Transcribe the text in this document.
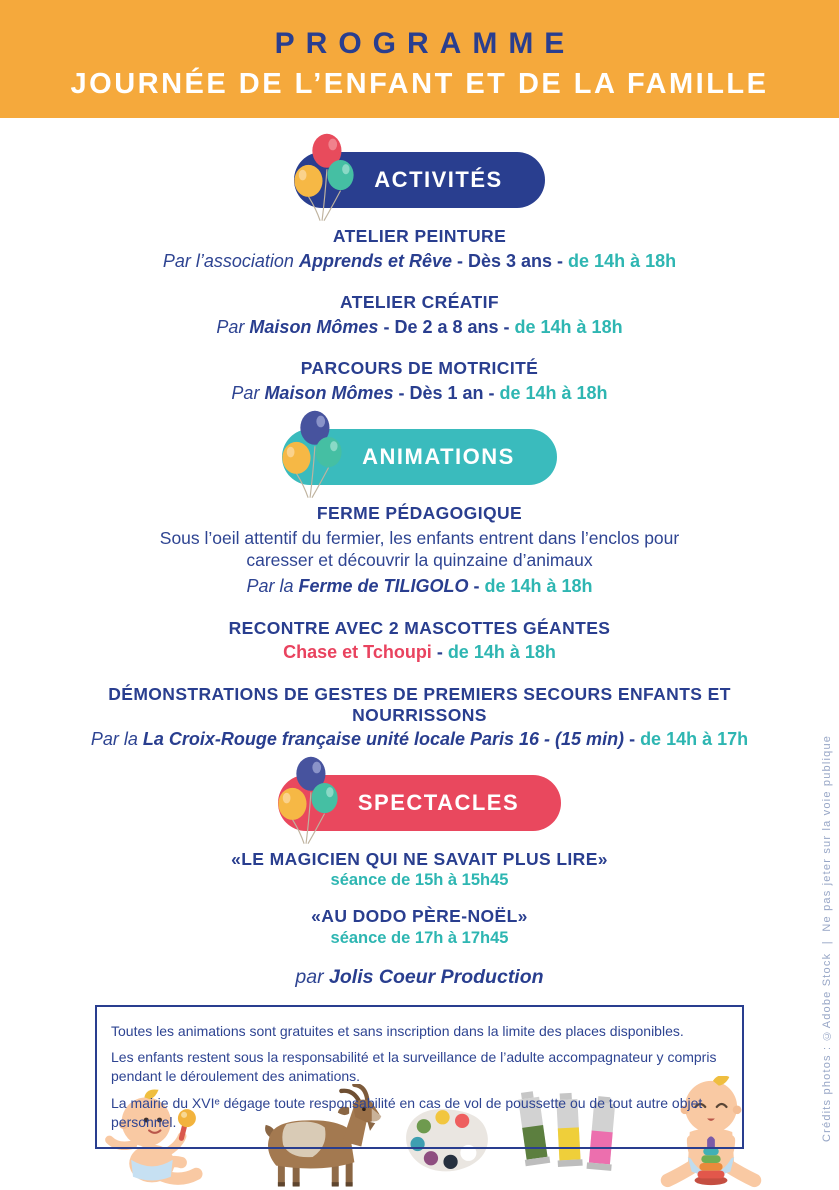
PROGRAMME
JOURNÉE DE L’ENFANT ET DE LA FAMILLE
ACTIVITÉS
ATELIER PEINTURE
Par l’association Apprends et Rêve - Dès 3 ans - de 14h à 18h
ATELIER CRÉATIF
Par Maison Mômes - De 2 a 8 ans - de 14h à 18h
PARCOURS DE MOTRICITÉ
Par Maison Mômes - Dès 1 an - de 14h à 18h
ANIMATIONS
FERME PÉDAGOGIQUE
Sous l’oeil attentif du fermier, les enfants entrent dans l’enclos pour caresser et découvrir la quinzaine d’animaux
Par la Ferme de TILIGOLO - de 14h à 18h
RECONTRE AVEC 2 MASCOTTES GÉANTES
Chase et Tchoupi - de 14h à 18h
DÉMONSTRATIONS DE GESTES DE PREMIERS SECOURS ENFANTS ET NOURRISSONS
Par la La Croix-Rouge française unité locale Paris 16 - (15 min) - de 14h à 17h
SPECTACLES
«LE MAGICIEN QUI NE SAVAIT PLUS LIRE»
séance de 15h à 15h45
«AU DODO PÈRE-NOËL»
séance de 17h à 17h45
par Jolis Coeur Production

Toutes les animations sont gratuites et sans inscription dans la limite des places disponibles.

Les enfants restent sous la responsabilité et la surveillance de l’adulte accompagnateur y compris pendant le déroulement des animations.

La mairie du XVIᵉ dégage toute responsabilité en cas de vol de poussette ou de tout autre objet personnel.	Crédits photos : ©Adobe Stock  |  Ne pas jeter sur la voie publique
